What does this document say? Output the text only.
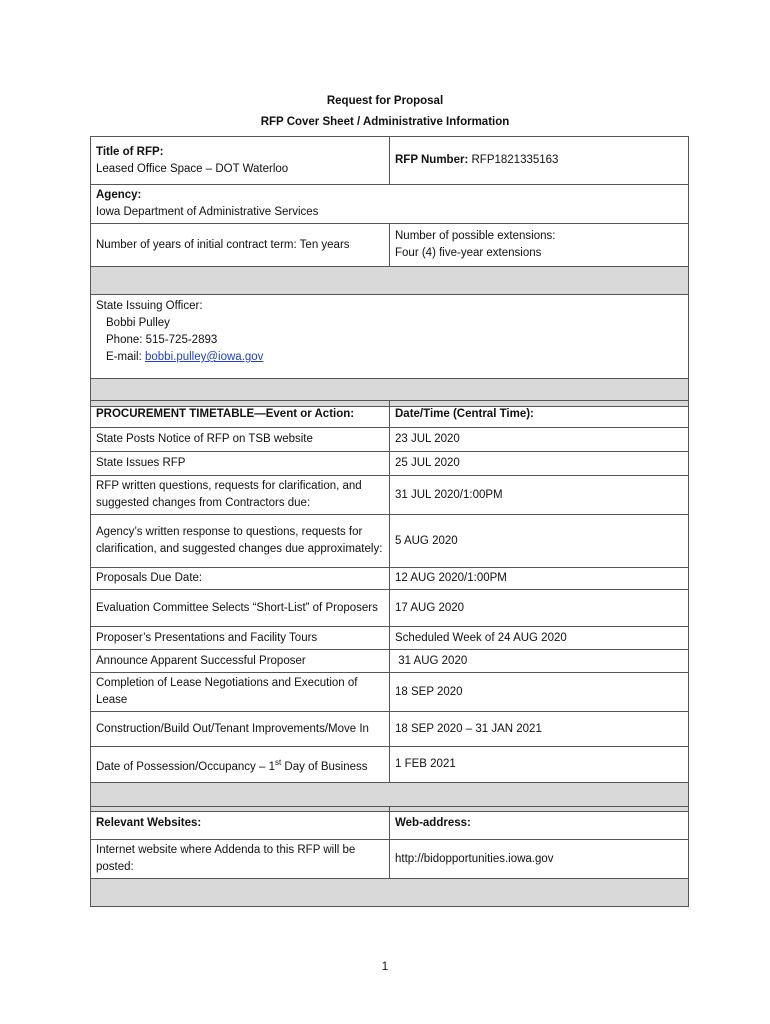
Request for Proposal
RFP Cover Sheet / Administrative Information
Title of RFP:
Leased Office Space – DOT Waterloo	RFP Number: RFP1821335163
Agency:
Iowa Department of Administrative Services	
Number of years of initial contract term: Ten years	Number of possible extensions:
Four (4) five-year extensions

State Issuing Officer:

Bobbi Pulley
Phone: 515-725-2893
E-mail: bobbi.pulley@iowa.gov	

PROCUREMENT TIMETABLE—Event or Action:	Date/Time (Central Time):
State Posts Notice of RFP on TSB website	23 JUL 2020
State Issues RFP	25 JUL 2020
RFP written questions, requests for clarification, and suggested changes from Contractors due:	31 JUL 2020/1:00PM
Agency’s written response to questions, requests for clarification, and suggested changes due approximately:	5 AUG 2020
Proposals Due Date:	12 AUG 2020/1:00PM
Evaluation Committee Selects “Short-List” of Proposers	17 AUG 2020
Proposer’s Presentations and Facility Tours	Scheduled Week of 24 AUG 2020
Announce Apparent Successful Proposer	31 AUG 2020
Completion of Lease Negotiations and Execution of Lease	18 SEP 2020
Construction/Build Out/Tenant Improvements/Move In	18 SEP 2020 – 31 JAN 2021
Date of Possession/Occupancy – 1st Day of Business	1 FEB 2021

Relevant Websites:	Web-address:
Internet website where Addenda to this RFP will be posted:	http://bidopportunities.iowa.gov

1
